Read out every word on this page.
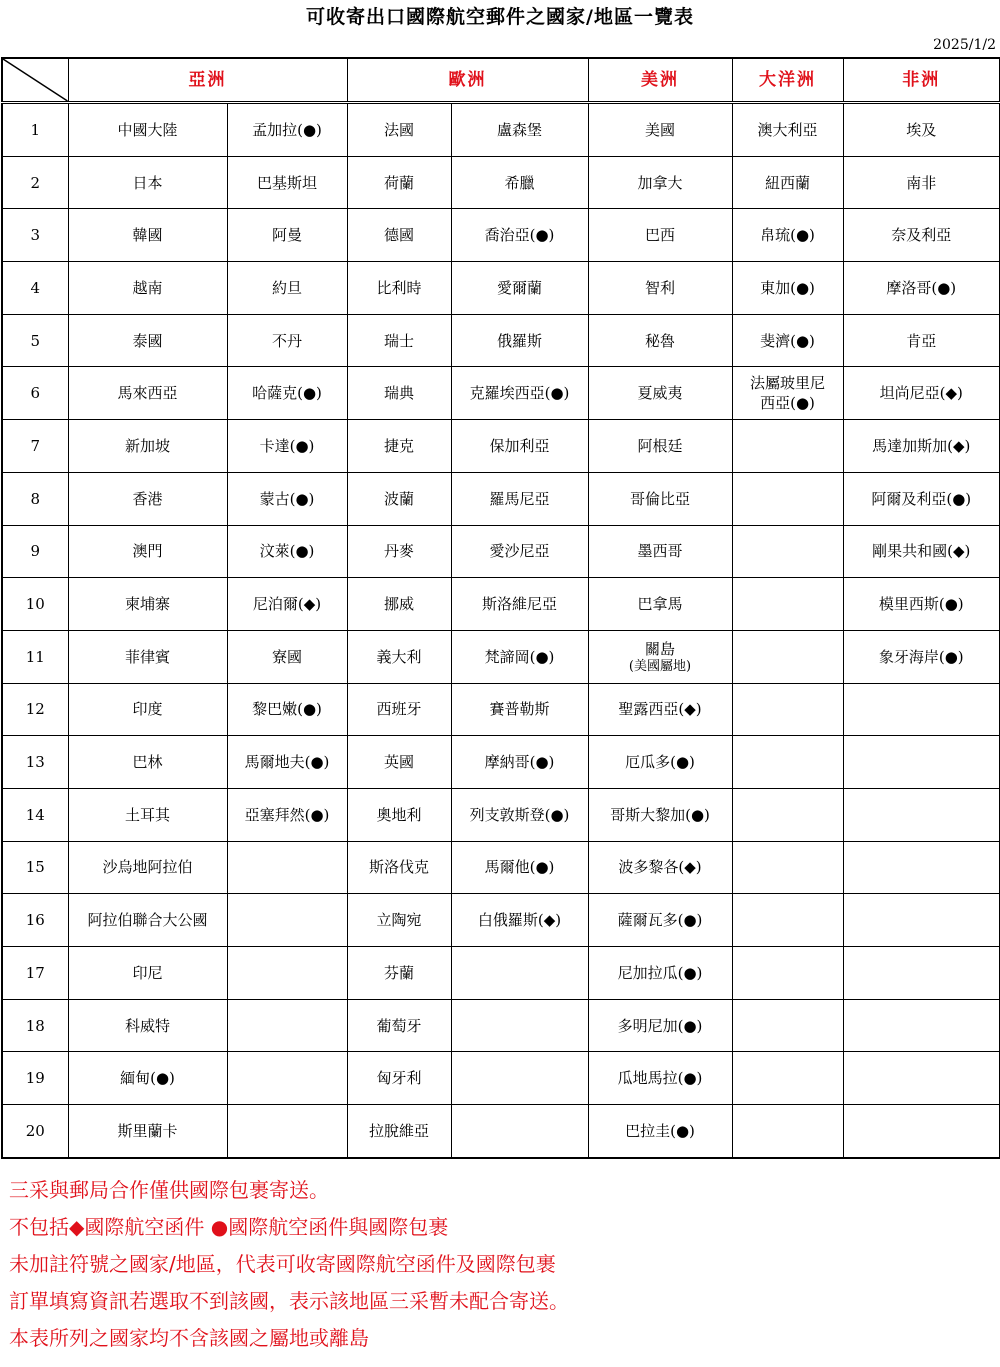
可收寄出口國際航空郵件之國家/地區一覽表
2025/1/2
	亞洲		歐洲		美洲	大洋洲	非洲
1	中國大陸	孟加拉(●)	法國	盧森堡	美國	澳大利亞	埃及
2	日本	巴基斯坦	荷蘭	希臘	加拿大	紐西蘭	南非
3	韓國	阿曼	德國	喬治亞(●)	巴西	帛琉(●)	奈及利亞
4	越南	約旦	比利時	愛爾蘭	智利	東加(●)	摩洛哥(●)
5	泰國	不丹	瑞士	俄羅斯	秘魯	斐濟(●)	肯亞
6	馬來西亞	哈薩克(●)	瑞典	克羅埃西亞(●)	夏威夷	法屬玻里尼
西亞(●)	坦尚尼亞(◆)
7	新加坡	卡達(●)	捷克	保加利亞	阿根廷		馬達加斯加(◆)
8	香港	蒙古(●)	波蘭	羅馬尼亞	哥倫比亞		阿爾及利亞(●)
9	澳門	汶萊(●)	丹麥	愛沙尼亞	墨西哥		剛果共和國(◆)
10	柬埔寨	尼泊爾(◆)	挪威	斯洛維尼亞	巴拿馬		模里西斯(●)
11	菲律賓	寮國	義大利	梵諦岡(●)	關島
(美國屬地)		象牙海岸(●)
12	印度	黎巴嫩(●)	西班牙	賽普勒斯	聖露西亞(◆)		
13	巴林	馬爾地夫(●)	英國	摩納哥(●)	厄瓜多(●)		
14	土耳其	亞塞拜然(●)	奧地利	列支敦斯登(●)	哥斯大黎加(●)		
15	沙烏地阿拉伯		斯洛伐克	馬爾他(●)	波多黎各(◆)		
16	阿拉伯聯合大公國		立陶宛	白俄羅斯(◆)	薩爾瓦多(●)		
17	印尼		芬蘭		尼加拉瓜(●)		
18	科威特		葡萄牙		多明尼加(●)		
19	緬甸(●)		匈牙利		瓜地馬拉(●)		
20	斯里蘭卡		拉脫維亞		巴拉圭(●)		
三采與郵局合作僅供國際包裹寄送。
不包括◆國際航空函件 ●國際航空函件與國際包裹
未加註符號之國家/地區，代表可收寄國際航空函件及國際包裹
訂單填寫資訊若選取不到該國，表示該地區三采暫未配合寄送。
本表所列之國家均不含該國之屬地或離島
